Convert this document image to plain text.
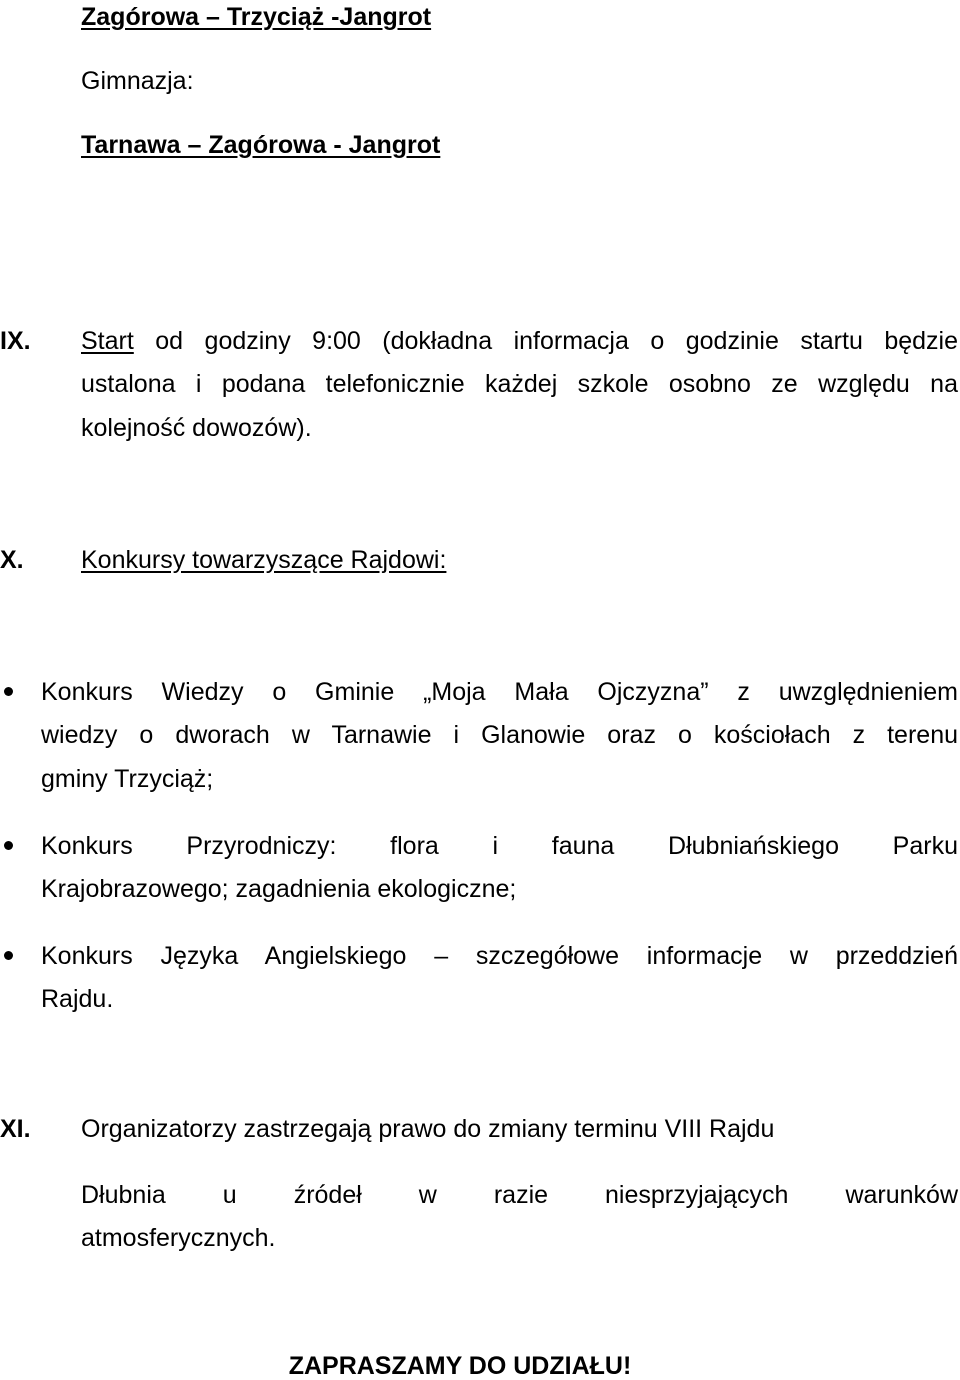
Zagórowa – Trzyciąż -Jangrot
Gimnazja:
Tarnawa – Zagórowa - Jangrot
IX. Start od godziny 9:00 (dokładna informacja o godzinie startu będzie
ustalona i podana telefonicznie każdej szkole osobno ze względu na
kolejność dowozów).
X. Konkursy towarzyszące Rajdowi:
Konkurs Wiedzy o Gminie „Moja Mała Ojczyzna” z uwzględnieniem
wiedzy o dworach w Tarnawie i Glanowie oraz o kościołach z terenu
gminy Trzyciąż;
Konkurs Przyrodniczy: flora i fauna Dłubniańskiego Parku
Krajobrazowego; zagadnienia ekologiczne;
Konkurs Języka Angielskiego – szczegółowe informacje w przeddzień
Rajdu.
XI. Organizatorzy zastrzegają prawo do zmiany terminu VIII Rajdu
Dłubnia u źródeł w razie niesprzyjających warunków
atmosferycznych.
ZAPRASZAMY DO UDZIAŁU!
